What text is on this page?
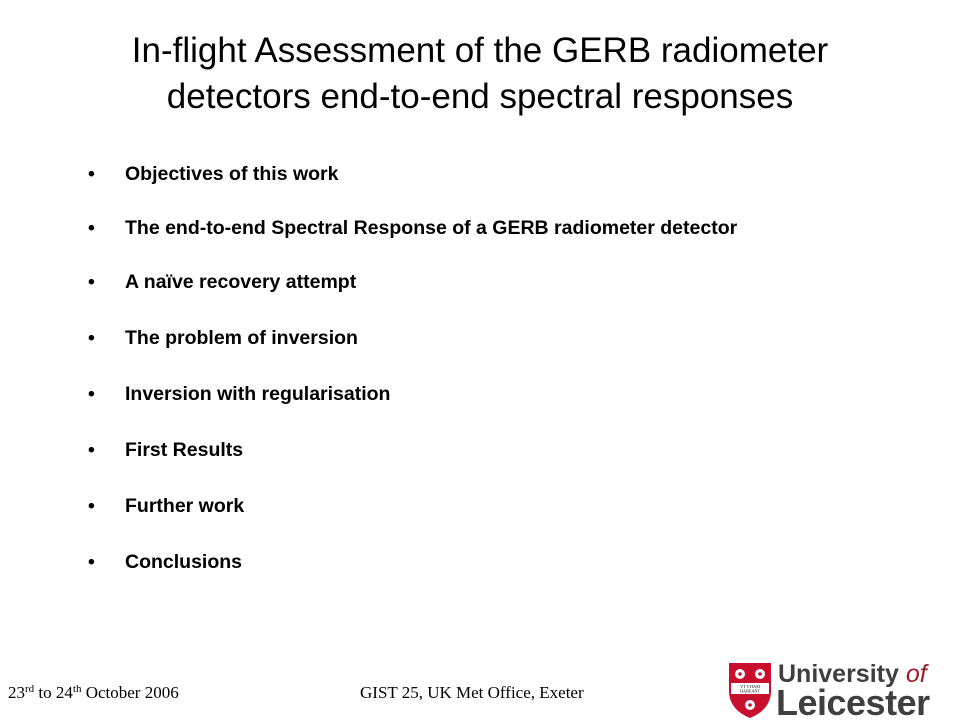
In-flight Assessment of the GERB radiometer
detectors end-to-end spectral responses
• Objectives of this work
• The end-to-end Spectral Response of a GERB radiometer detector
• A naïve recovery attempt
• The problem of inversion
• Inversion with regularisation
• First Results
• Further work
• Conclusions
23rd to 24th October 2006	GIST 25, UK Met Office, Exeter	VT VITAM HABEANT
University of
Leicester
